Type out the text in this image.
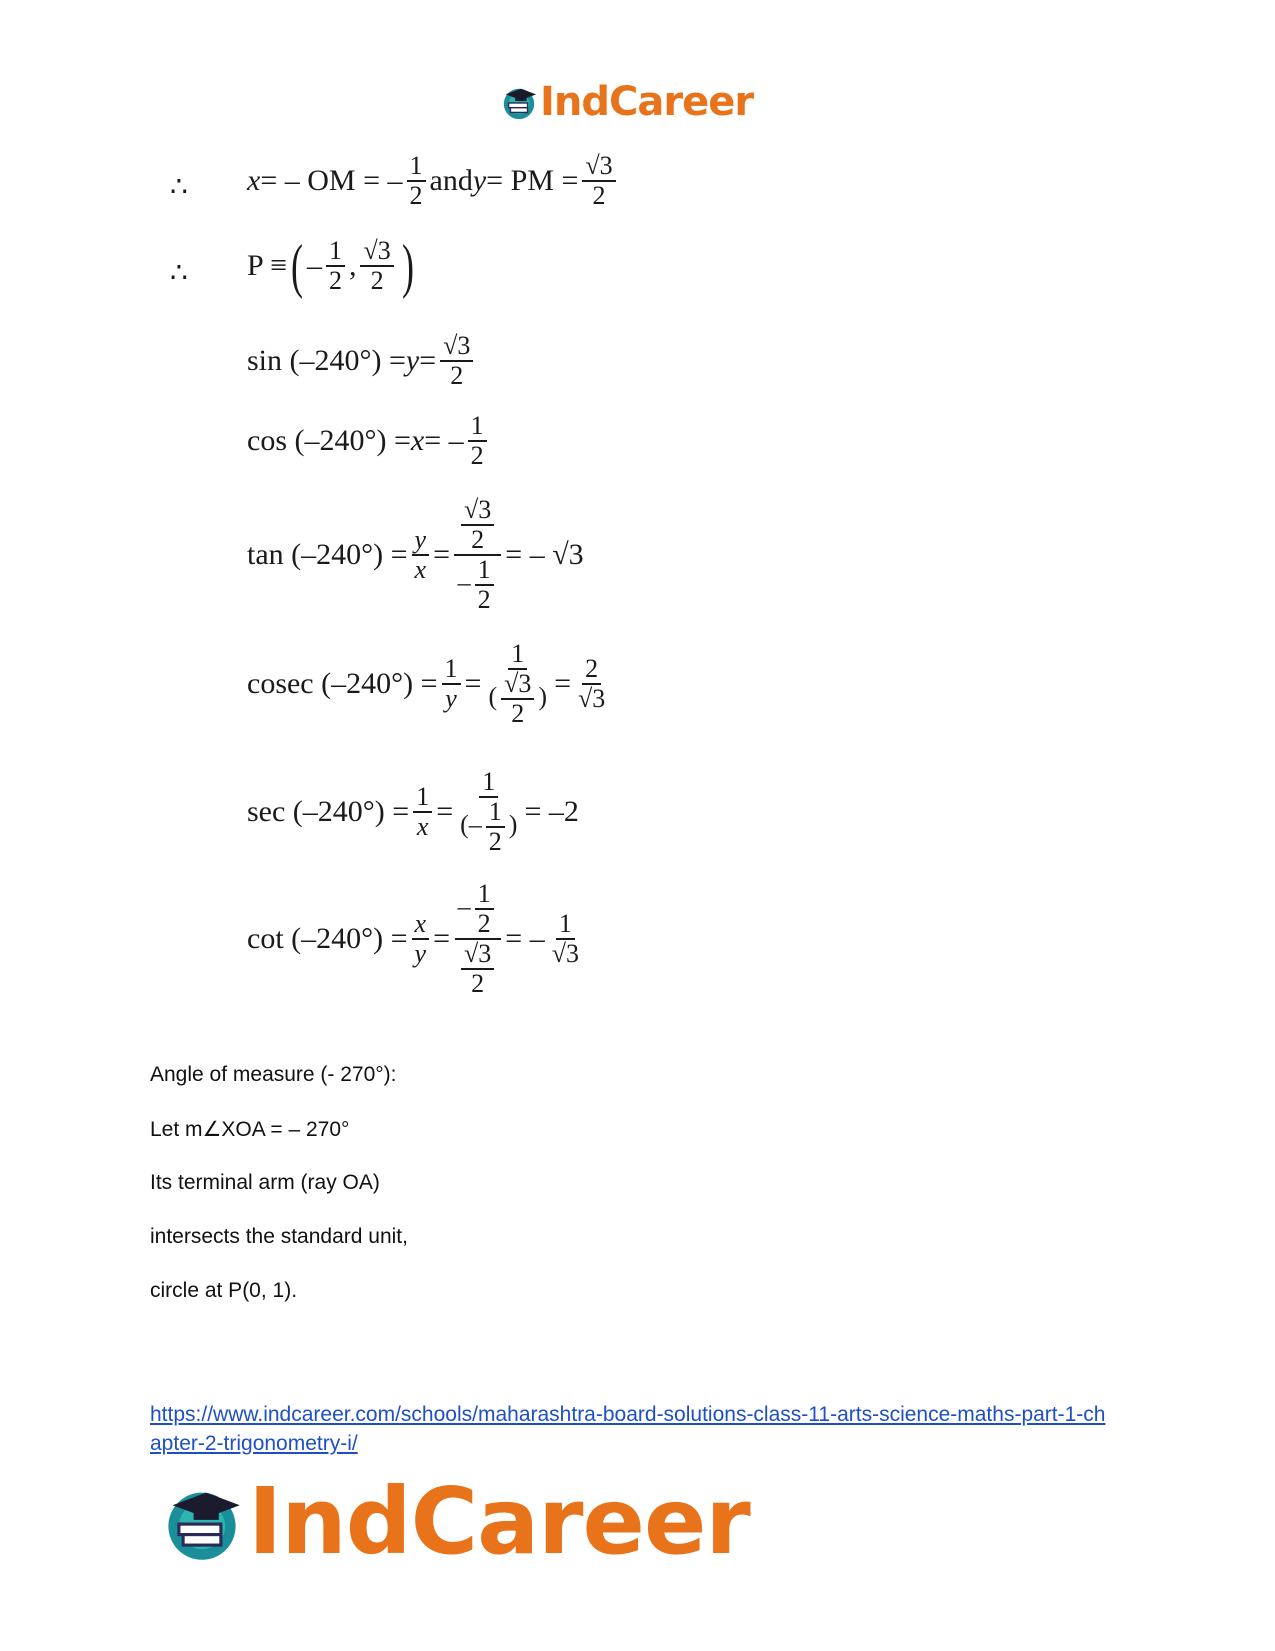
IndCareer
∴ x = – OM = – $\frac{1}{2}$ and y = PM = $\frac{√3}{2}$
∴ P ≡ ( – $\frac{1}{2}$ , $\frac{√3}{2}$ )
$\sin (-240^\circ) = y = \frac{√3}{2}$
cos (–240°) = x = – $\frac{1}{2}$
$\tan (-240^\circ) = \frac{y}{x} = \frac{\frac{√3}{2}}{- \frac{1}{2}}$ = – √3
cosec $(-240^\circ) = \frac{1}{y} = \frac{1}{( \frac{√3}{2} )} = \frac{2}{√3}$
$\sec (-240^\circ) = \frac{1}{x} = \frac{1}{(- \frac{1}{2} )} = -2$
$\cot (-240^\circ) = \frac{x}{y} = \frac{- \frac{1}{2}}{\frac{√3}{2}}$ = – $\frac{1}{√3}$
Angle of measure (- 270°):
Let m∠XOA = – 270°
Its terminal arm (ray OA)
intersects the standard unit,
circle at P(0, 1).
https://www.indcareer.com/schools/maharashtra-board-solutions-class-11-arts-science-maths-part-1-chapter-2-trigonometry-i/
IndCareer
